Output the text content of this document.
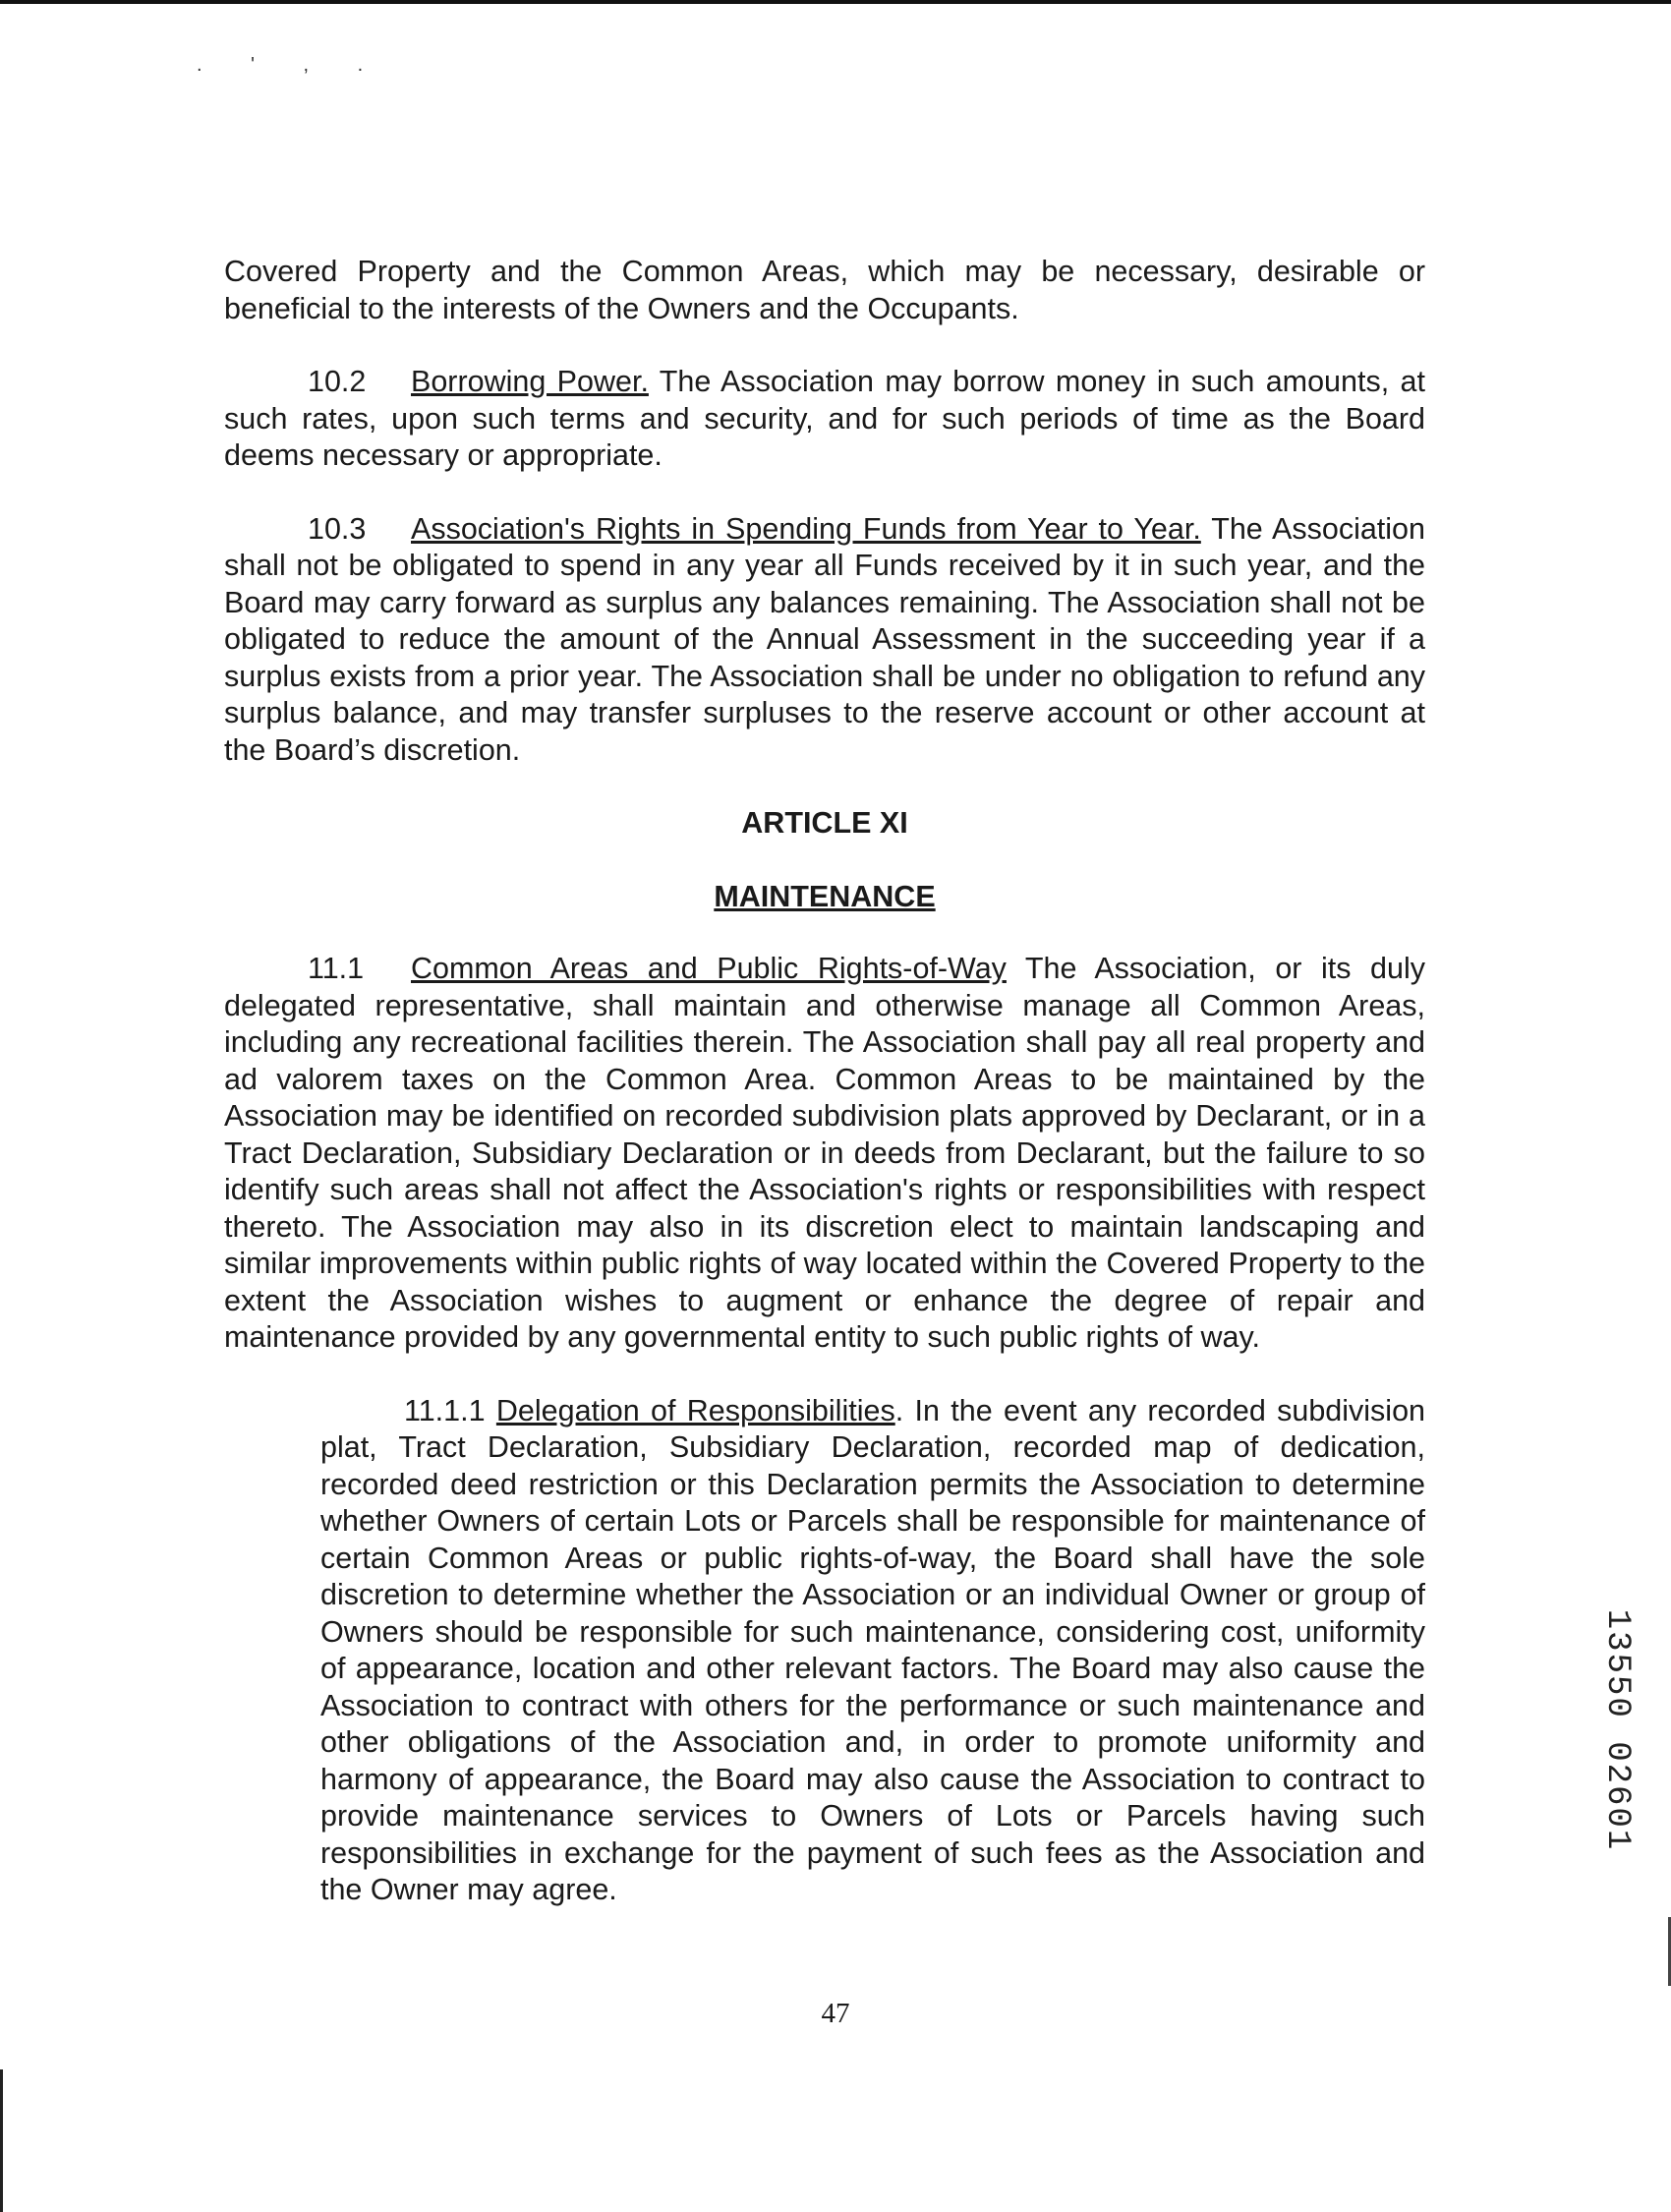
. ' , .

Covered Property and the Common Areas, which may be necessary, desirable or beneficial to the interests of the Owners and the Occupants.

10.2 Borrowing Power. The Association may borrow money in such amounts, at such rates, upon such terms and security, and for such periods of time as the Board deems necessary or appropriate.

10.3 Association's Rights in Spending Funds from Year to Year. The Association shall not be obligated to spend in any year all Funds received by it in such year, and the Board may carry forward as surplus any balances remaining. The Association shall not be obligated to reduce the amount of the Annual Assessment in the succeeding year if a surplus exists from a prior year. The Association shall be under no obligation to refund any surplus balance, and may transfer surpluses to the reserve account or other account at the Board’s discretion.

ARTICLE XI
MAINTENANCE

11.1 Common Areas and Public Rights-of-Way The Association, or its duly delegated representative, shall maintain and otherwise manage all Common Areas, including any recreational facilities therein. The Association shall pay all real property and ad valorem taxes on the Common Area. Common Areas to be maintained by the Association may be identified on recorded subdivision plats approved by Declarant, or in a Tract Declaration, Subsidiary Declaration or in deeds from Declarant, but the failure to so identify such areas shall not affect the Association's rights or responsibilities with respect thereto. The Association may also in its discretion elect to maintain landscaping and similar improvements within public rights of way located within the Covered Property to the extent the Association wishes to augment or enhance the degree of repair and maintenance provided by any governmental entity to such public rights of way.

11.1.1 Delegation of Responsibilities. In the event any recorded subdivision plat, Tract Declaration, Subsidiary Declaration, recorded map of dedication, recorded deed restriction or this Declaration permits the Association to determine whether Owners of certain Lots or Parcels shall be responsible for maintenance of certain Common Areas or public rights-of-way, the Board shall have the sole discretion to determine whether the Association or an individual Owner or group of Owners should be responsible for such maintenance, considering cost, uniformity of appearance, location and other relevant factors. The Board may also cause the Association to contract with others for the performance or such maintenance and other obligations of the Association and, in order to promote uniformity and harmony of appearance, the Board may also cause the Association to contract to provide maintenance services to Owners of Lots or Parcels having such responsibilities in exchange for the payment of such fees as the Association and the Owner may agree.

13550 02601
47
